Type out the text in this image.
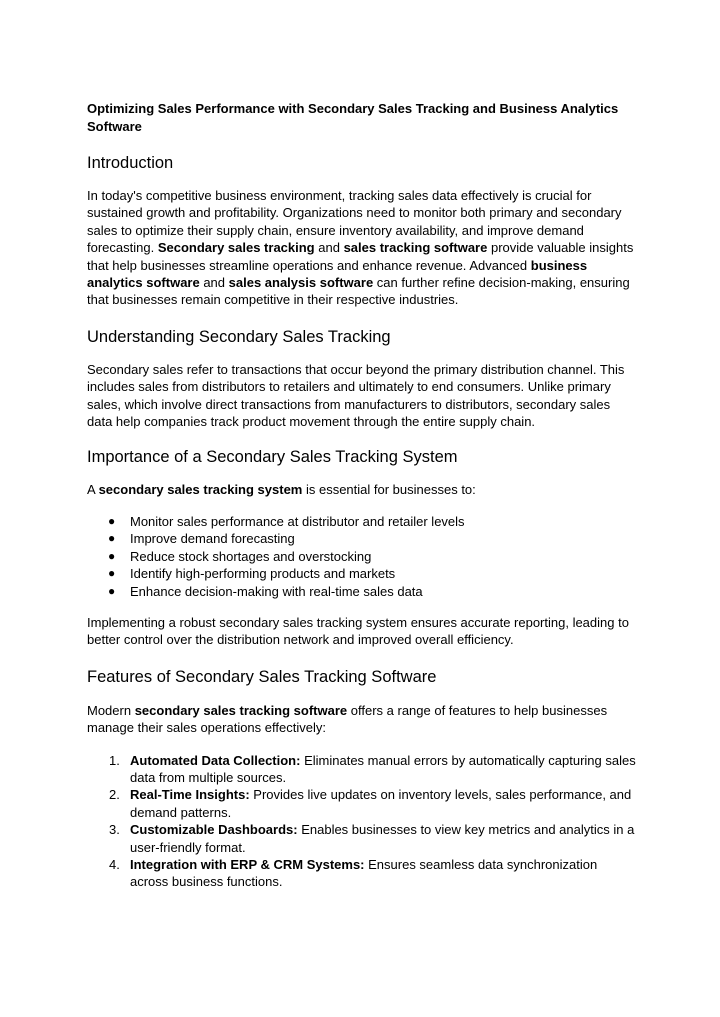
Optimizing Sales Performance with Secondary Sales Tracking and Business Analytics Software

Introduction

In today's competitive business environment, tracking sales data effectively is crucial for sustained growth and profitability. Organizations need to monitor both primary and secondary sales to optimize their supply chain, ensure inventory availability, and improve demand forecasting. Secondary sales tracking and sales tracking software provide valuable insights that help businesses streamline operations and enhance revenue. Advanced business analytics software and sales analysis software can further refine decision-making, ensuring that businesses remain competitive in their respective industries.

Understanding Secondary Sales Tracking

Secondary sales refer to transactions that occur beyond the primary distribution channel. This includes sales from distributors to retailers and ultimately to end consumers. Unlike primary sales, which involve direct transactions from manufacturers to distributors, secondary sales data help companies track product movement through the entire supply chain.

Importance of a Secondary Sales Tracking System

A secondary sales tracking system is essential for businesses to:

● Monitor sales performance at distributor and retailer levels
● Improve demand forecasting
● Reduce stock shortages and overstocking
● Identify high-performing products and markets
● Enhance decision-making with real-time sales data

Implementing a robust secondary sales tracking system ensures accurate reporting, leading to better control over the distribution network and improved overall efficiency.

Features of Secondary Sales Tracking Software

Modern secondary sales tracking software offers a range of features to help businesses manage their sales operations effectively:

1. Automated Data Collection: Eliminates manual errors by automatically capturing sales data from multiple sources.
2. Real-Time Insights: Provides live updates on inventory levels, sales performance, and demand patterns.
3. Customizable Dashboards: Enables businesses to view key metrics and analytics in a user-friendly format.
4. Integration with ERP & CRM Systems: Ensures seamless data synchronization across business functions.
